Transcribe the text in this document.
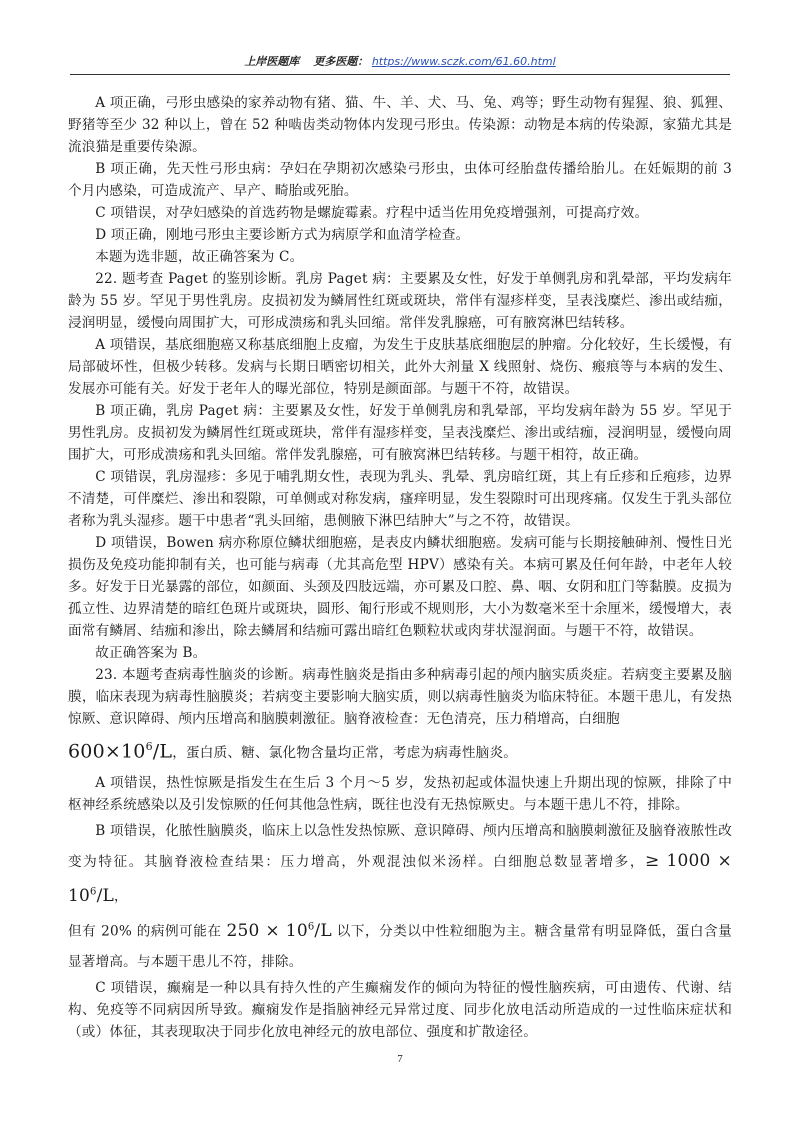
上岸医题库 更多医题： https://www.sczk.com/61.60.html

A 项正确，弓形虫感染的家养动物有猪、猫、牛、羊、犬、马、兔、鸡等；野生动物有猩猩、狼、狐狸、野猪等至少 32 种以上，曾在 52 种啮齿类动物体内发现弓形虫。传染源：动物是本病的传染源，家猫尤其是流浪猫是重要传染源。

B 项正确，先天性弓形虫病：孕妇在孕期初次感染弓形虫，虫体可经胎盘传播给胎儿。在妊娠期的前 3 个月内感染，可造成流产、早产、畸胎或死胎。

C 项错误，对孕妇感染的首选药物是螺旋霉素。疗程中适当佐用免疫增强剂，可提高疗效。

D 项正确，刚地弓形虫主要诊断方式为病原学和血清学检查。

本题为选非题，故正确答案为 C。

22. 题考查 Paget 的鉴别诊断。乳房 Paget 病：主要累及女性，好发于单侧乳房和乳晕部，平均发病年龄为 55 岁。罕见于男性乳房。皮损初发为鳞屑性红斑或斑块，常伴有湿疹样变，呈表浅糜烂、渗出或结痂，浸润明显，缓慢向周围扩大，可形成溃疡和乳头回缩。常伴发乳腺癌，可有腋窝淋巴结转移。

A 项错误，基底细胞癌又称基底细胞上皮瘤，为发生于皮肤基底细胞层的肿瘤。分化较好，生长缓慢，有局部破坏性，但极少转移。发病与长期日晒密切相关，此外大剂量 X 线照射、烧伤、瘢痕等与本病的发生、发展亦可能有关。好发于老年人的曝光部位，特别是颜面部。与题干不符，故错误。

B 项正确，乳房 Paget 病：主要累及女性，好发于单侧乳房和乳晕部，平均发病年龄为 55 岁。罕见于男性乳房。皮损初发为鳞屑性红斑或斑块，常伴有湿疹样变，呈表浅糜烂、渗出或结痂，浸润明显，缓慢向周围扩大，可形成溃疡和乳头回缩。常伴发乳腺癌，可有腋窝淋巴结转移。与题干相符，故正确。

C 项错误，乳房湿疹：多见于哺乳期女性，表现为乳头、乳晕、乳房暗红斑，其上有丘疹和丘疱疹，边界不清楚，可伴糜烂、渗出和裂隙，可单侧或对称发病，瘙痒明显，发生裂隙时可出现疼痛。仅发生于乳头部位者称为乳头湿疹。题干中患者“乳头回缩，患侧腋下淋巴结肿大”与之不符，故错误。

D 项错误，Bowen 病亦称原位鳞状细胞癌，是表皮内鳞状细胞癌。发病可能与长期接触砷剂、慢性日光损伤及免疫功能抑制有关，也可能与病毒（尤其高危型 HPV）感染有关。本病可累及任何年龄，中老年人较多。好发于日光暴露的部位，如颜面、头颈及四肢远端，亦可累及口腔、鼻、咽、女阴和肛门等黏膜。皮损为孤立性、边界清楚的暗红色斑片或斑块，圆形、匍行形或不规则形，大小为数毫米至十余厘米，缓慢增大，表面常有鳞屑、结痂和渗出，除去鳞屑和结痂可露出暗红色颗粒状或肉芽状湿润面。与题干不符，故错误。

故正确答案为 B。

23. 本题考查病毒性脑炎的诊断。病毒性脑炎是指由多种病毒引起的颅内脑实质炎症。若病变主要累及脑膜，临床表现为病毒性脑膜炎；若病变主要影响大脑实质，则以病毒性脑炎为临床特征。本题干患儿，有发热惊厥、意识障碍、颅内压增高和脑膜刺激征。脑脊液检查：无色清亮，压力稍增高，白细胞

$600\times 10^6/L$ ，蛋白质、糖、氯化物含量均正常，考虑为病毒性脑炎。

A 项错误，热性惊厥是指发生在生后 3 个月～5 岁，发热初起或体温快速上升期出现的惊厥，排除了中枢神经系统感染以及引发惊厥的任何其他急性病，既往也没有无热惊厥史。与本题干患儿不符，排除。

B 项错误，化脓性脑膜炎，临床上以急性发热惊厥、意识障碍、颅内压增高和脑膜刺激征及脑脊液脓性改变为特征。其脑脊液检查结果：压力增高，外观混浊似米汤样。白细胞总数显著增多，≥ $1000 \times 10^6/L$，

但有 20% 的病例可能在 $250 \times 10^6/L$ 以下，分类以中性粒细胞为主。糖含量常有明显降低，蛋白含量显著增高。与本题干患儿不符，排除。

C 项错误，癫痫是一种以具有持久性的产生癫痫发作的倾向为特征的慢性脑疾病，可由遗传、代谢、结构、免疫等不同病因所导致。癫痫发作是指脑神经元异常过度、同步化放电活动所造成的一过性临床症状和（或）体征，其表现取决于同步化放电神经元的放电部位、强度和扩散途径。

7
